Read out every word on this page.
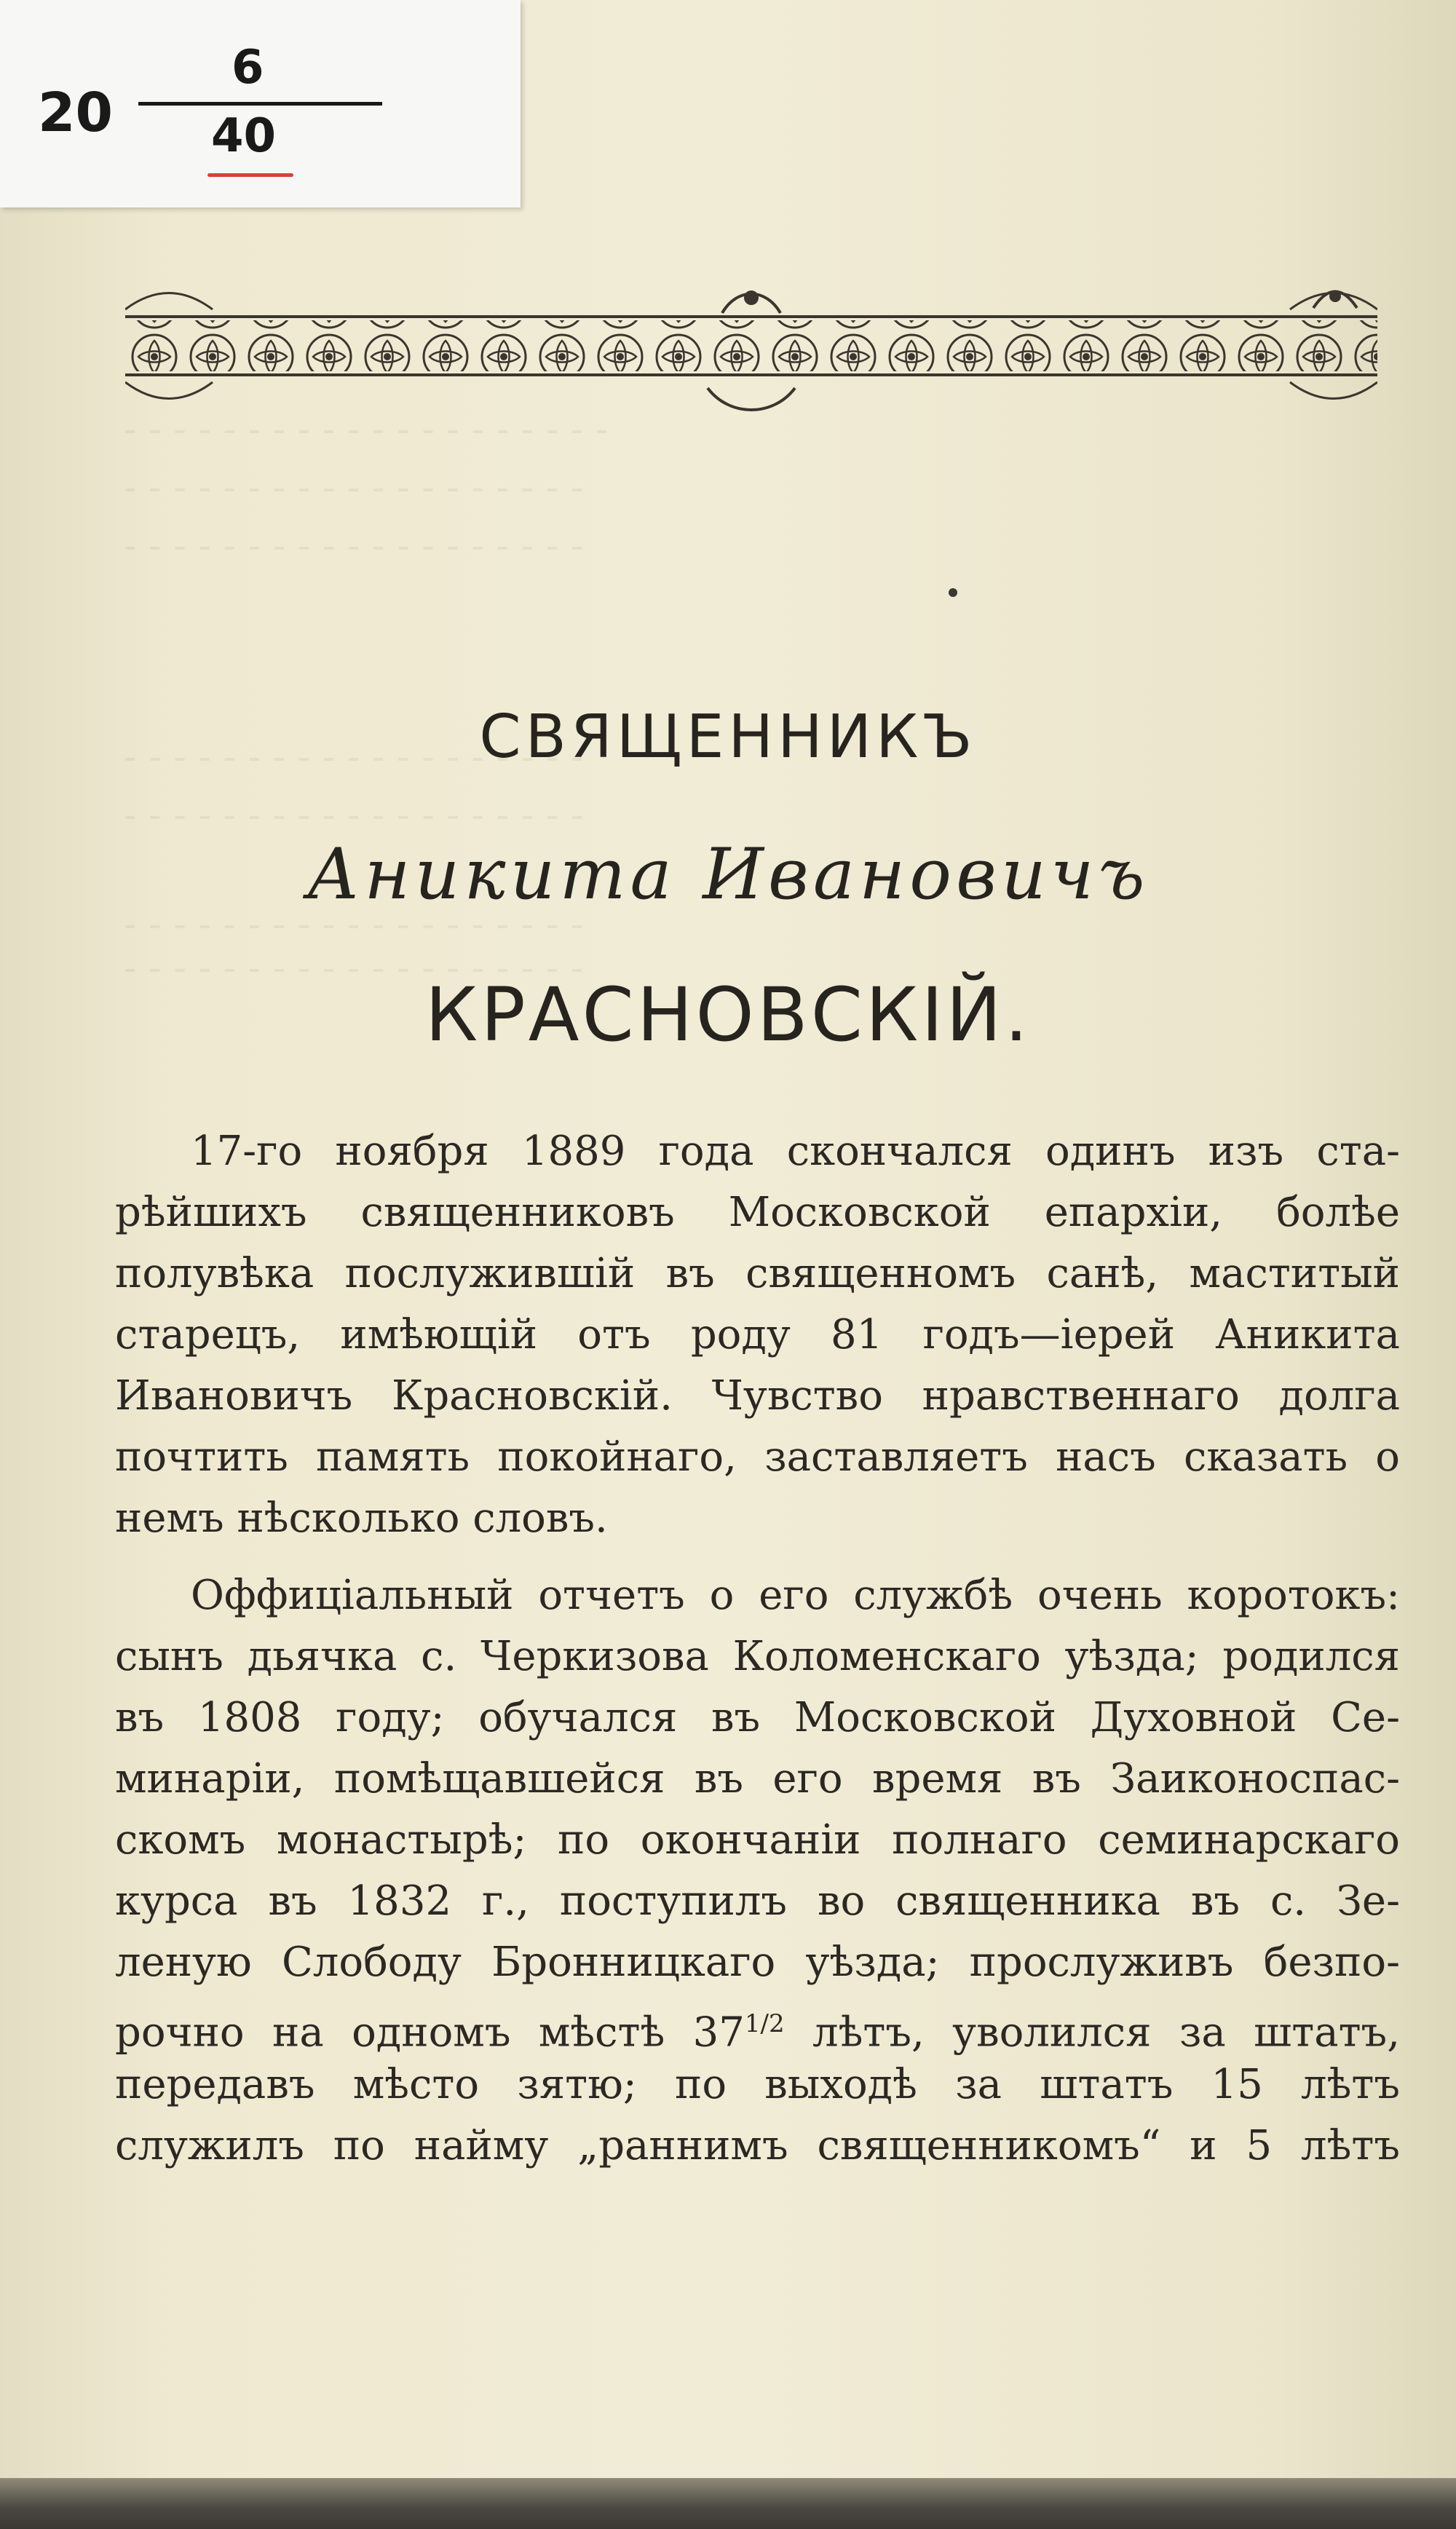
- - - - - - - - - - - - - - - - - - - -
- - - - - - - - - - - - - - - - - - -
- - - - - - - - - - - - - - - - - - -
- - - - - - - - - - - - - - - - - - -
- - - - - - - - - - - - - - - - - - -
- - - - - - - - - - - - - - - - - - -
- - - - - - - - - - - - - - - - - - -
20
6
40
СВЯЩЕННИКЪ
Аникита Ивановичъ
КРАСНОВСКІЙ.
17-го ноября 1889 года скончался одинъ изъ ста-
рѣйшихъ священниковъ Московской епархіи, болѣе
полувѣка послужившій въ священномъ санѣ, маститый
старецъ, имѣющій отъ роду 81 годъ—іерей Аникита
Ивановичъ Красновскій. Чувство нравственнаго долга
почтить память покойнаго, заставляетъ насъ сказать о
немъ нѣсколько словъ.
Оффиціальный отчетъ о его службѣ очень коротокъ:
сынъ дьячка с. Черкизова Коломенскаго уѣзда; родился
въ 1808 году; обучался въ Московской Духовной Се-
минаріи, помѣщавшейся въ его время въ Заиконоспас-
скомъ монастырѣ; по окончаніи полнаго семинарскаго
курса въ 1832 г., поступилъ во священника въ с. Зе-
леную Слободу Бронницкаго уѣзда; прослуживъ безпо-
рочно на одномъ мѣстѣ $37^{1/2}$ лѣтъ, уволился за штатъ,
передавъ мѣсто зятю; по выходѣ за штатъ 15 лѣтъ
служилъ по найму „раннимъ священникомъ“ и 5 лѣтъ
